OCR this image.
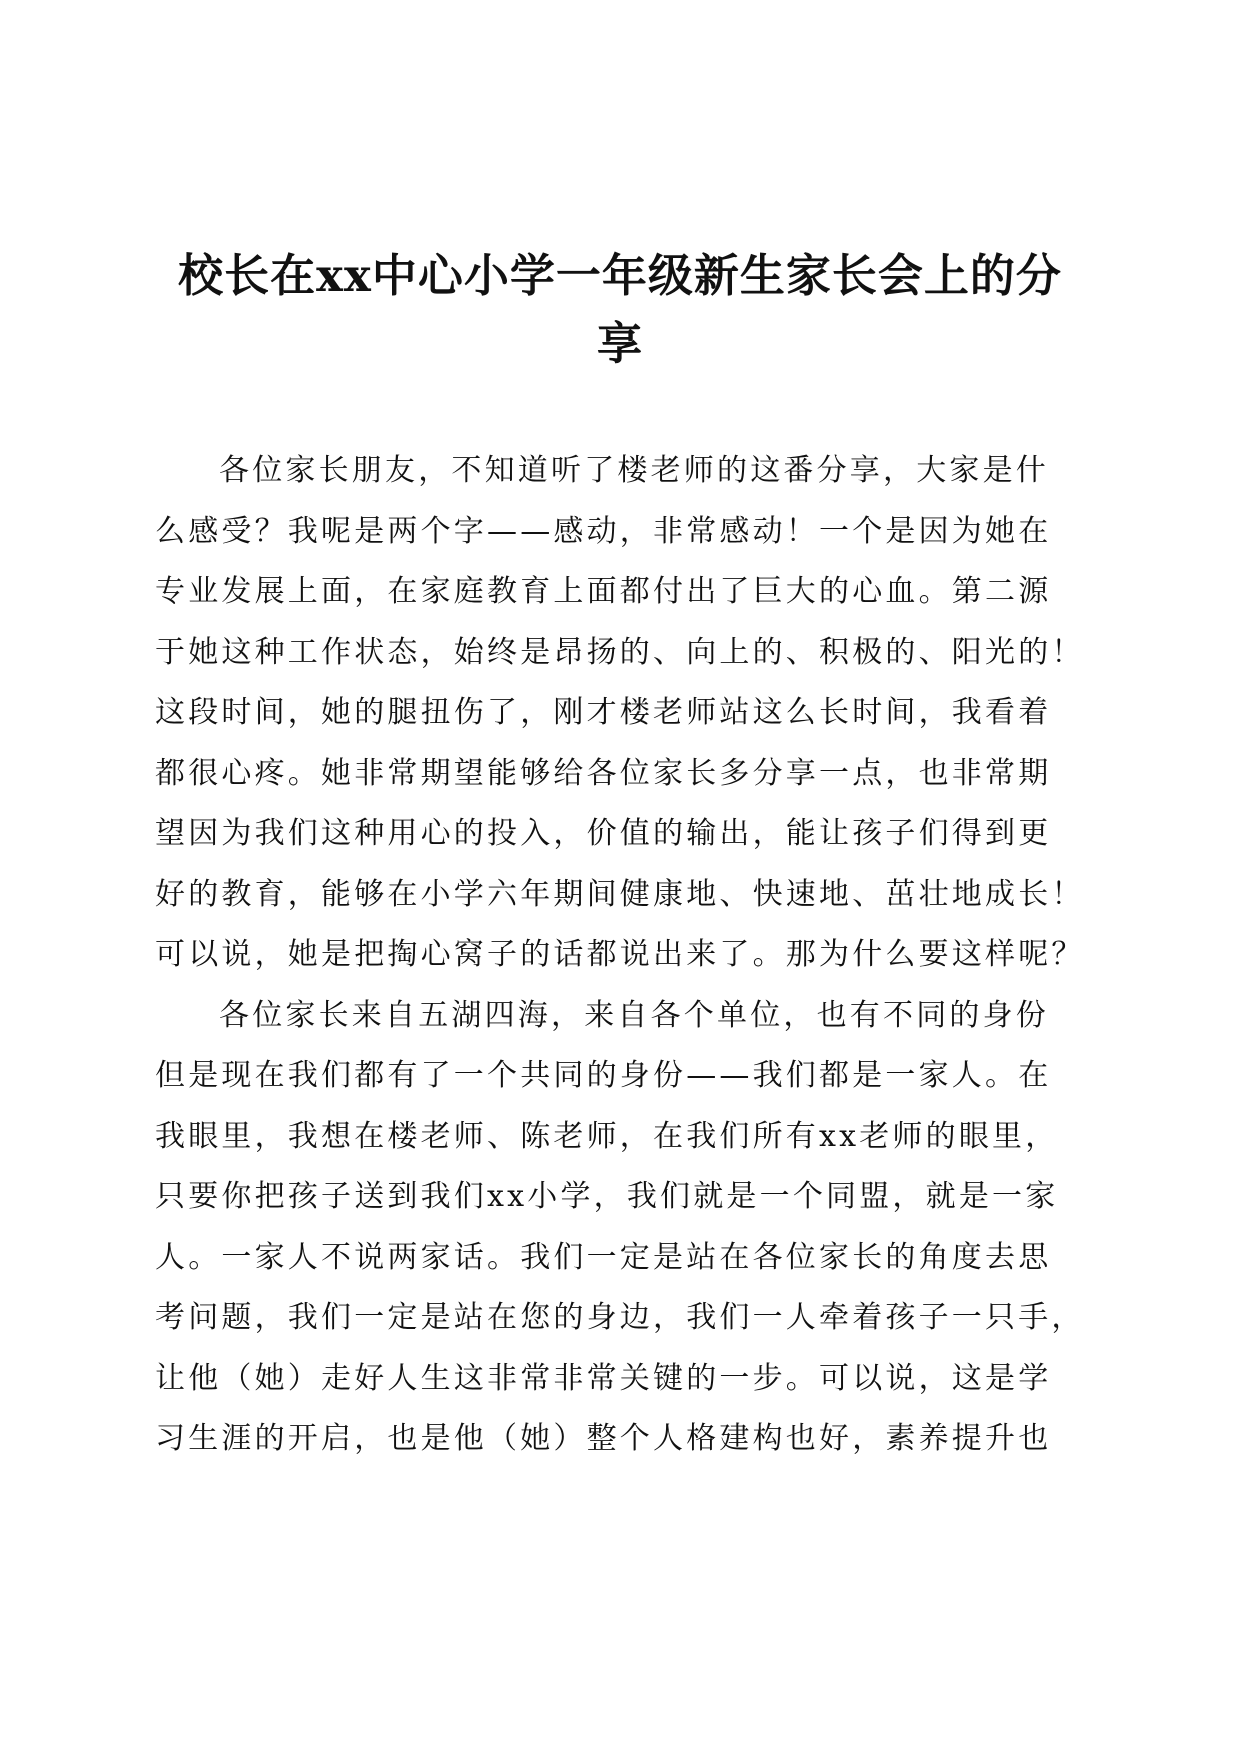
校长在xx中心小学一年级新生家长会上的分
享

各位家长朋友，不知道听了楼老师的这番分享，大家是什
么感受？我呢是两个字——感动，非常感动！一个是因为她在
专业发展上面，在家庭教育上面都付出了巨大的心血。第二源
于她这种工作状态，始终是昂扬的、向上的、积极的、阳光的！
这段时间，她的腿扭伤了，刚才楼老师站这么长时间，我看着
都很心疼。她非常期望能够给各位家长多分享一点，也非常期
望因为我们这种用心的投入，价值的输出，能让孩子们得到更
好的教育，能够在小学六年期间健康地、快速地、茁壮地成长！
可以说，她是把掏心窝子的话都说出来了。那为什么要这样呢？

各位家长来自五湖四海，来自各个单位，也有不同的身份
但是现在我们都有了一个共同的身份——我们都是一家人。在
我眼里，我想在楼老师、陈老师，在我们所有xx老师的眼里，
只要你把孩子送到我们xx小学，我们就是一个同盟，就是一家
人。一家人不说两家话。我们一定是站在各位家长的角度去思
考问题，我们一定是站在您的身边，我们一人牵着孩子一只手，
让他（她）走好人生这非常非常关键的一步。可以说，这是学
习生涯的开启，也是他（她）整个人格建构也好，素养提升也
